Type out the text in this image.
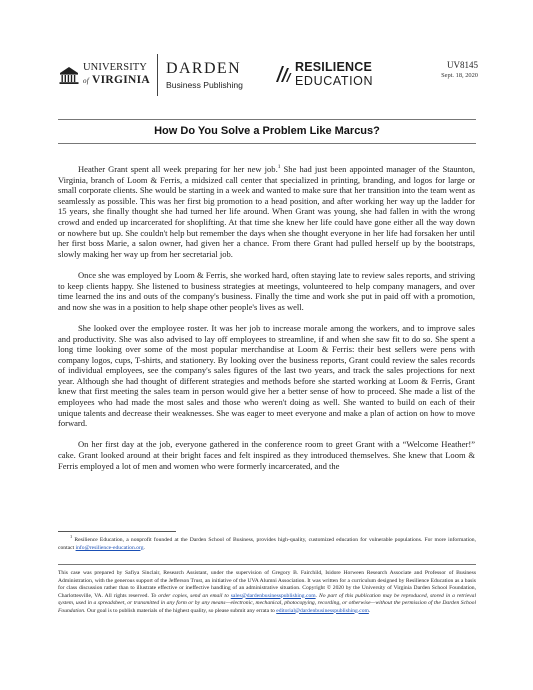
UNIVERSITY
of VIRGINIA
DARDEN
Business Publishing
RESILIENCE
EDUCATION
UV8145
Sept. 18, 2020
How Do You Solve a Problem Like Marcus?

Heather Grant spent all week preparing for her new job.$^1$ She had just been appointed manager of the Staunton, Virginia, branch of Loom & Ferris, a midsized call center that specialized in printing, branding, and logos for large or small corporate clients. She would be starting in a week and wanted to make sure that her transition into the team went as seamlessly as possible. This was her first big promotion to a head position, and after working her way up the ladder for 15 years, she finally thought she had turned her life around. When Grant was young, she had fallen in with the wrong crowd and ended up incarcerated for shoplifting. At that time she knew her life could have gone either all the way down or nowhere but up. She couldn't help but remember the days when she thought everyone in her life had forsaken her until her first boss Marie, a salon owner, had given her a chance. From there Grant had pulled herself up by the bootstraps, slowly making her way up from her secretarial job.

Once she was employed by Loom & Ferris, she worked hard, often staying late to review sales reports, and striving to keep clients happy. She listened to business strategies at meetings, volunteered to help company managers, and over time learned the ins and outs of the company's business. Finally the time and work she put in paid off with a promotion, and now she was in a position to help shape other people's lives as well.

She looked over the employee roster. It was her job to increase morale among the workers, and to improve sales and productivity. She was also advised to lay off employees to streamline, if and when she saw fit to do so. She spent a long time looking over some of the most popular merchandise at Loom & Ferris: their best sellers were pens with company logos, cups, T-shirts, and stationery. By looking over the business reports, Grant could review the sales records of individual employees, see the company's sales figures of the last two years, and track the sales projections for next year. Although she had thought of different strategies and methods before she started working at Loom & Ferris, Grant knew that first meeting the sales team in person would give her a better sense of how to proceed. She made a list of the employees who had made the most sales and those who weren't doing as well. She wanted to build on each of their unique talents and decrease their weaknesses. She was eager to meet everyone and make a plan of action on how to move forward.

On her first day at the job, everyone gathered in the conference room to greet Grant with a “Welcome Heather!” cake. Grant looked around at their bright faces and felt inspired as they introduced themselves. She knew that Loom & Ferris employed a lot of men and women who were formerly incarcerated, and the

$^1$ Resilience Education, a nonprofit founded at the Darden School of Business, provides high-quality, customized education for vulnerable populations. For more information, contact info@resilience-education.org.
This case was prepared by Safiya Sinclair, Research Assistant, under the supervision of Gregory B. Fairchild, Isidore Horween Research Associate and Professor of Business Administration, with the generous support of the Jefferson Trust, an initiative of the UVA Alumni Association. It was written for a curriculum designed by Resilience Education as a basis for class discussion rather than to illustrate effective or ineffective handling of an administrative situation. Copyright © 2020 by the University of Virginia Darden School Foundation, Charlottesville, VA. All rights reserved. To order copies, send an email to sales@dardenbusinesspublishing.com. No part of this publication may be reproduced, stored in a retrieval system, used in a spreadsheet, or transmitted in any form or by any means—electronic, mechanical, photocopying, recording, or otherwise—without the permission of the Darden School Foundation. Our goal is to publish materials of the highest quality, so please submit any errata to editorial@dardenbusinesspublishing.com.
